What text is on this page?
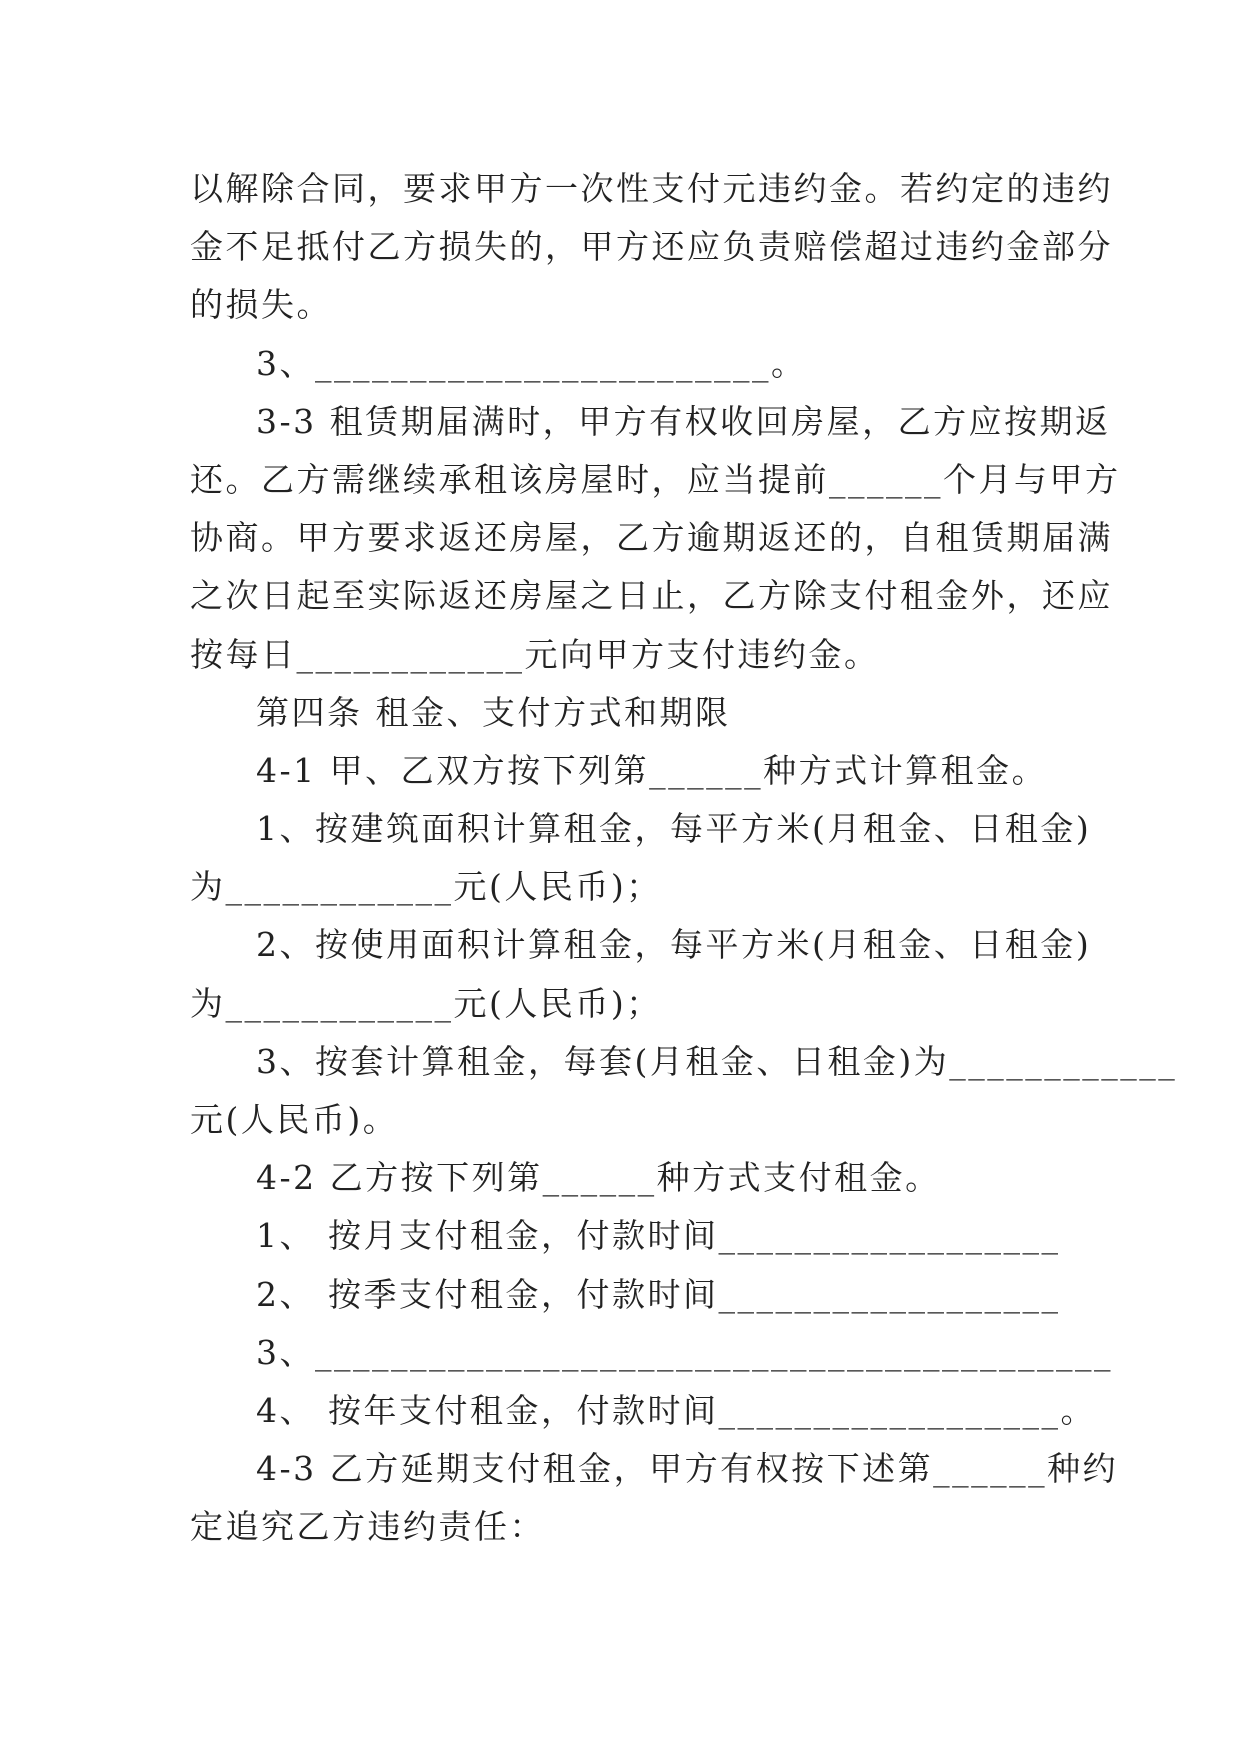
以解除合同，要求甲方一次性支付元违约金。若约定的违约

金不足抵付乙方损失的，甲方还应负责赔偿超过违约金部分

的损失。

3、________________________。

3-3 租赁期届满时，甲方有权收回房屋，乙方应按期返

还。乙方需继续承租该房屋时，应当提前______个月与甲方

协商。甲方要求返还房屋，乙方逾期返还的，自租赁期届满

之次日起至实际返还房屋之日止，乙方除支付租金外，还应

按每日____________元向甲方支付违约金。

第四条 租金、支付方式和期限

4-1 甲、乙双方按下列第______种方式计算租金。

1、按建筑面积计算租金，每平方米(月租金、日租金)

为____________元(人民币)；

2、按使用面积计算租金，每平方米(月租金、日租金)

为____________元(人民币)；

3、按套计算租金，每套(月租金、日租金)为____________

元(人民币)。

4-2 乙方按下列第______种方式支付租金。

1、 按月支付租金，付款时间__________________

2、 按季支付租金，付款时间__________________

3、__________________________________________

4、 按年支付租金，付款时间__________________。

4-3 乙方延期支付租金，甲方有权按下述第______种约

定追究乙方违约责任：
